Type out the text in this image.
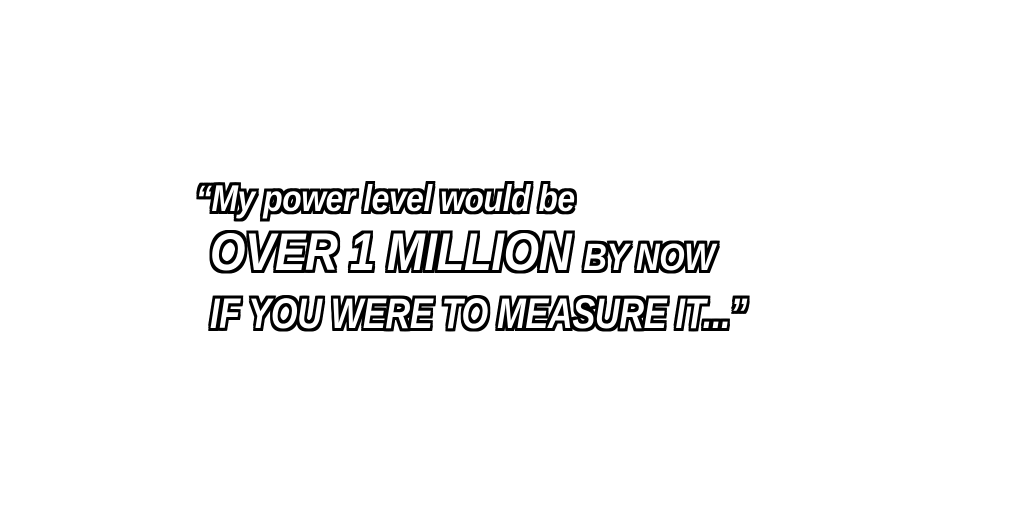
“My power level would be

OVER 1 MILLION BY NOW

IF YOU WERE TO MEASURE IT...”
